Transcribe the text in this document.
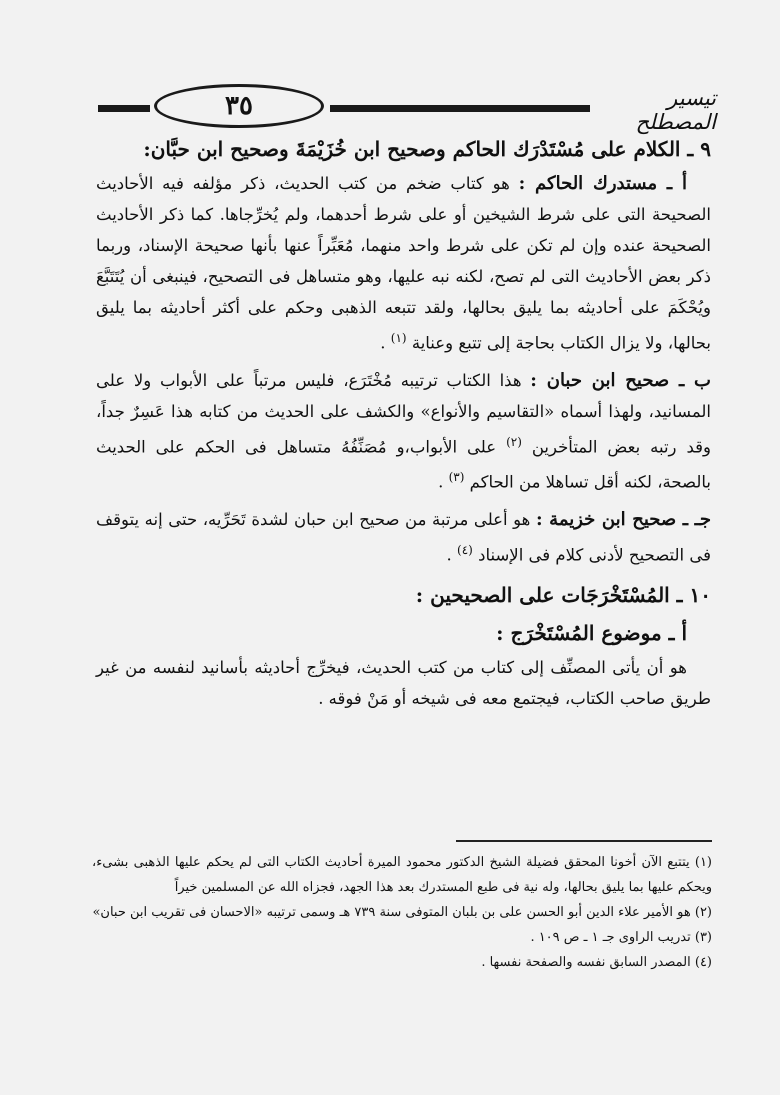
٣٥	تيسير المصطلح

٩ ـ الكلام على مُسْتَدْرَك الحاكم وصحيح ابن خُزَيْمَةَ وصحيح ابن حبَّان:

أ ـ مستدرك الحاكم : هو كتاب ضخم من كتب الحديث، ذكر مؤلفه فيه الأحاديث الصحيحة التى على شرط الشيخين أو على شرط أحدهما، ولم يُخرِّجاها. كما ذكر الأحاديث الصحيحة عنده وإن لم تكن على شرط واحد منهما، مُعَبِّراً عنها بأنها صحيحة الإسناد، وربما ذكر بعض الأحاديث التى لم تصح، لكنه نبه عليها، وهو متساهل فى التصحيح، فينبغى أن يُتَتَبَّعَ ويُحْكَمَ على أحاديثه بما يليق بحالها، ولقد تتبعه الذهبى وحكم على أكثر أحاديثه بما يليق بحالها، ولا يزال الكتاب بحاجة إلى تتبع وعناية $^{(١)}$ .

ب ـ صحيح ابن حبان : هذا الكتاب ترتيبه مُخْتَرَع، فليس مرتباً على الأبواب ولا على المسانيد، ولهذا أسماه «التقاسيم والأنواع» والكشف على الحديث من كتابه هذا عَسِرٌ جداً، وقد رتبه بعض المتأخرين $^{(٢)}$ على الأبواب،و مُصَنِّفُهُ متساهل فى الحكم على الحديث بالصحة، لكنه أقل تساهلا من الحاكم $^{(٣)}$ .

جـ ـ صحيح ابن خزيمة : هو أعلى مرتبة من صحيح ابن حبان لشدة تَحَرِّيه، حتى إنه يتوقف فى التصحيح لأدنى كلام فى الإسناد $^{(٤)}$ .

١٠ ـ المُسْتَخْرَجَات على الصحيحين :

أ ـ موضوع المُسْتَخْرَج :

هو أن يأتى المصنِّف إلى كتاب من كتب الحديث، فيخرِّج أحاديثه بأسانيد لنفسه من غير طريق صاحب الكتاب، فيجتمع معه فى شيخه أو مَنْ فوقه .

(١) يتتبع الآن أخونا المحقق فضيلة الشيخ الدكتور محمود الميرة أحاديث الكتاب التى لم يحكم عليها الذهبى بشىء، ويحكم عليها بما يليق بحالها، وله نية فى طبع المستدرك بعد هذا الجهد، فجزاه الله عن المسلمين خيراً

(٢) هو الأمير علاء الدين أبو الحسن على بن بلبان المتوفى سنة ٧٣٩ هـ وسمى ترتيبه «الاحسان فى تقريب ابن حبان»

(٣) تدريب الراوى جـ ١ ـ ص ١٠٩ .

(٤) المصدر السابق نفسه والصفحة نفسها .
